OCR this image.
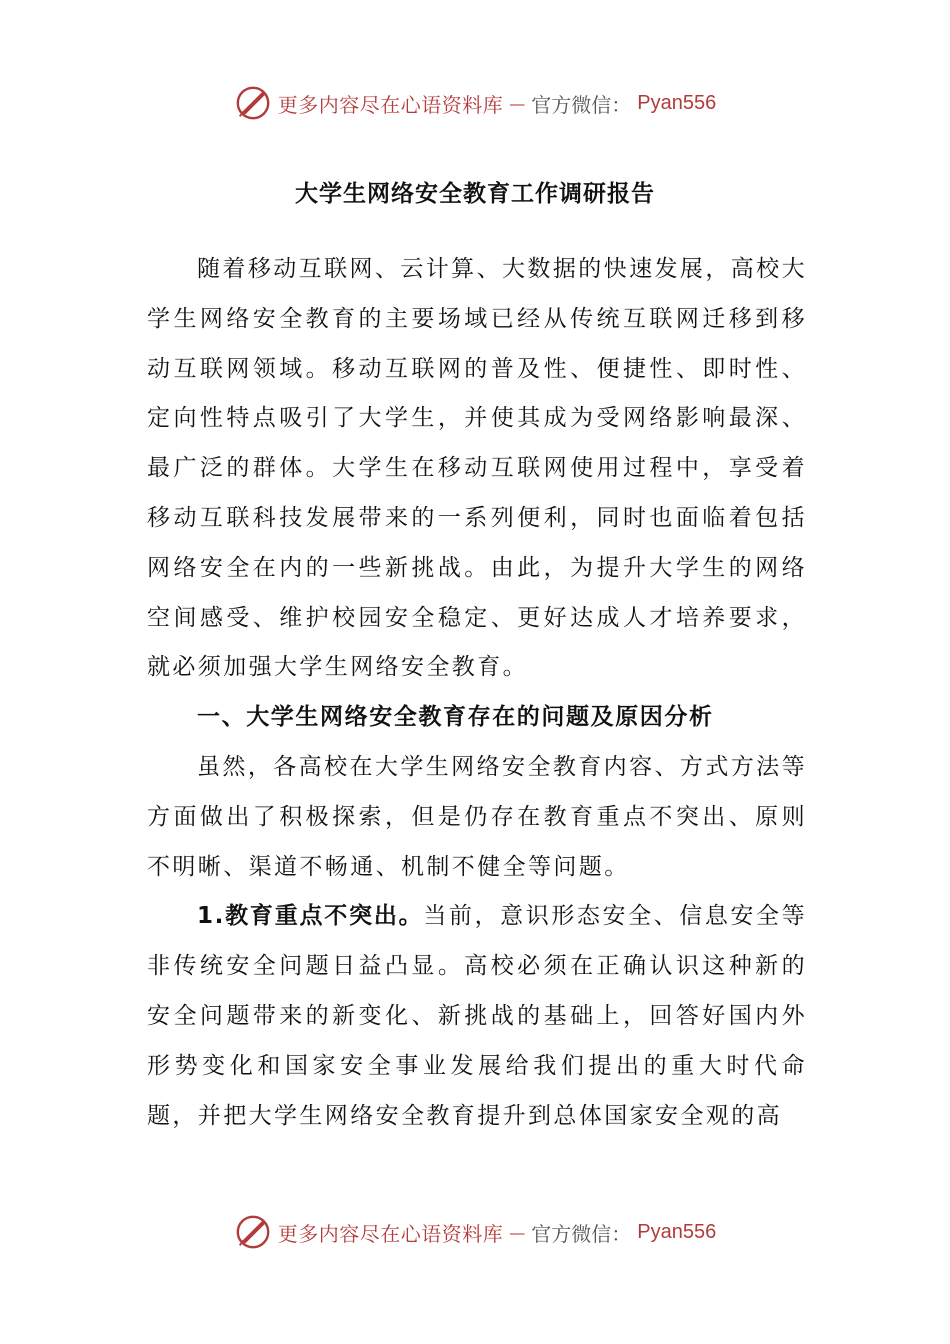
更多内容尽在心语资料库 — 官方微信： Pyan556
大学生网络安全教育工作调研报告

随着移动互联网、云计算、大数据的快速发展，高校大学生网络安全教育的主要场域已经从传统互联网迁移到移动互联网领域。移动互联网的普及性、便捷性、即时性、定向性特点吸引了大学生，并使其成为受网络影响最深、最广泛的群体。大学生在移动互联网使用过程中，享受着移动互联科技发展带来的一系列便利，同时也面临着包括网络安全在内的一些新挑战。由此，为提升大学生的网络空间感受、维护校园安全稳定、更好达成人才培养要求，就必须加强大学生网络安全教育。

一、大学生网络安全教育存在的问题及原因分析

虽然，各高校在大学生网络安全教育内容、方式方法等方面做出了积极探索，但是仍存在教育重点不突出、原则不明晰、渠道不畅通、机制不健全等问题。

1.教育重点不突出。当前，意识形态安全、信息安全等非传统安全问题日益凸显。高校必须在正确认识这种新的安全问题带来的新变化、新挑战的基础上，回答好国内外形势变化和国家安全事业发展给我们提出的重大时代命题，并把大学生网络安全教育提升到总体国家安全观的高

更多内容尽在心语资料库 — 官方微信： Pyan556
